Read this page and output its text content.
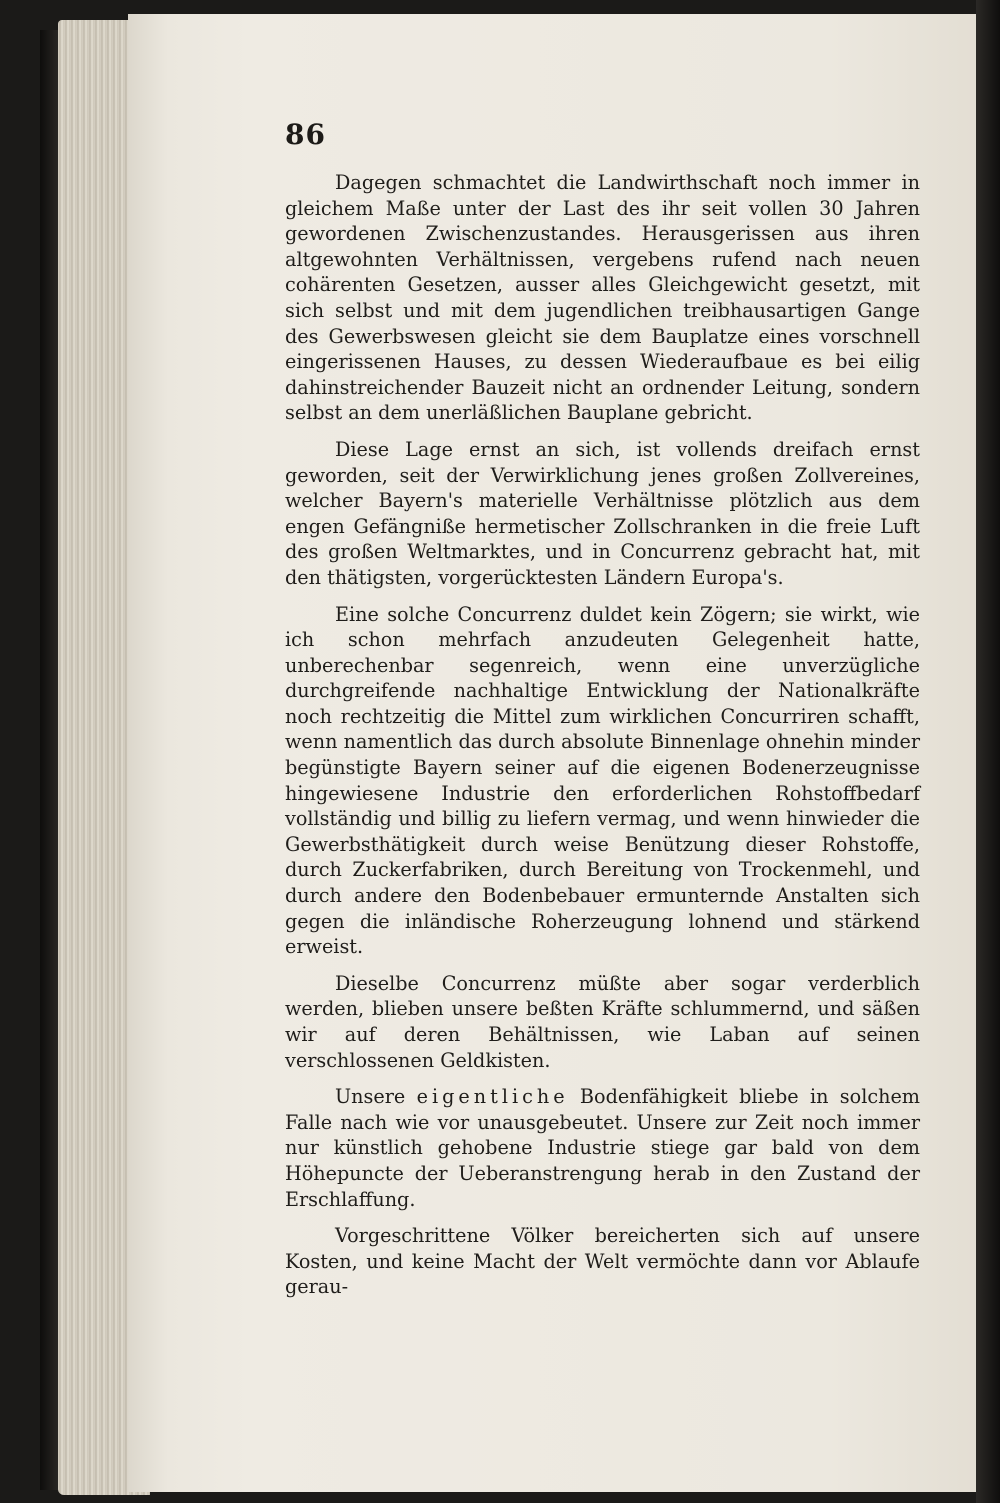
86

Dagegen schmachtet die Landwirthschaft noch immer in gleichem Maße unter der Last des ihr seit vollen 30 Jahren gewordenen Zwischenzustandes. Herausgerissen aus ihren altgewohnten Verhältnissen, vergebens rufend nach neuen cohärenten Gesetzen, ausser alles Gleichgewicht gesetzt, mit sich selbst und mit dem jugendlichen treibhausartigen Gange des Gewerbswesen gleicht sie dem Bauplatze eines vorschnell eingerissenen Hauses, zu dessen Wiederaufbaue es bei eilig dahinstreichender Bauzeit nicht an ordnender Leitung, sondern selbst an dem unerläßlichen Bauplane gebricht.

Diese Lage ernst an sich, ist vollends dreifach ernst geworden, seit der Verwirklichung jenes großen Zollvereines, welcher Bayern's materielle Verhältnisse plötzlich aus dem engen Gefängniße hermetischer Zollschranken in die freie Luft des großen Weltmarktes, und in Concurrenz gebracht hat, mit den thätigsten, vorgerücktesten Ländern Europa's.

Eine solche Concurrenz duldet kein Zögern; sie wirkt, wie ich schon mehrfach anzudeuten Gelegenheit hatte, unberechenbar segenreich, wenn eine unverzügliche durchgreifende nachhaltige Entwicklung der Nationalkräfte noch rechtzeitig die Mittel zum wirklichen Concurriren schafft, wenn namentlich das durch absolute Binnenlage ohnehin minder begünstigte Bayern seiner auf die eigenen Bodenerzeugnisse hingewiesene Industrie den erforderlichen Rohstoffbedarf vollständig und billig zu liefern vermag, und wenn hinwieder die Gewerbsthätigkeit durch weise Benützung dieser Rohstoffe, durch Zuckerfabriken, durch Bereitung von Trockenmehl, und durch andere den Bodenbebauer ermunternde Anstalten sich gegen die inländische Roherzeugung lohnend und stärkend erweist.

Dieselbe Concurrenz müßte aber sogar verderblich werden, blieben unsere beßten Kräfte schlummernd, und säßen wir auf deren Behältnissen, wie Laban auf seinen verschlossenen Geldkisten.

Unsere eigentliche Bodenfähigkeit bliebe in solchem Falle nach wie vor unausgebeutet. Unsere zur Zeit noch immer nur künstlich gehobene Industrie stiege gar bald von dem Höhepuncte der Ueberanstrengung herab in den Zustand der Erschlaffung.

Vorgeschrittene Völker bereicherten sich auf unsere Kosten, und keine Macht der Welt vermöchte dann vor Ablaufe gerau-
